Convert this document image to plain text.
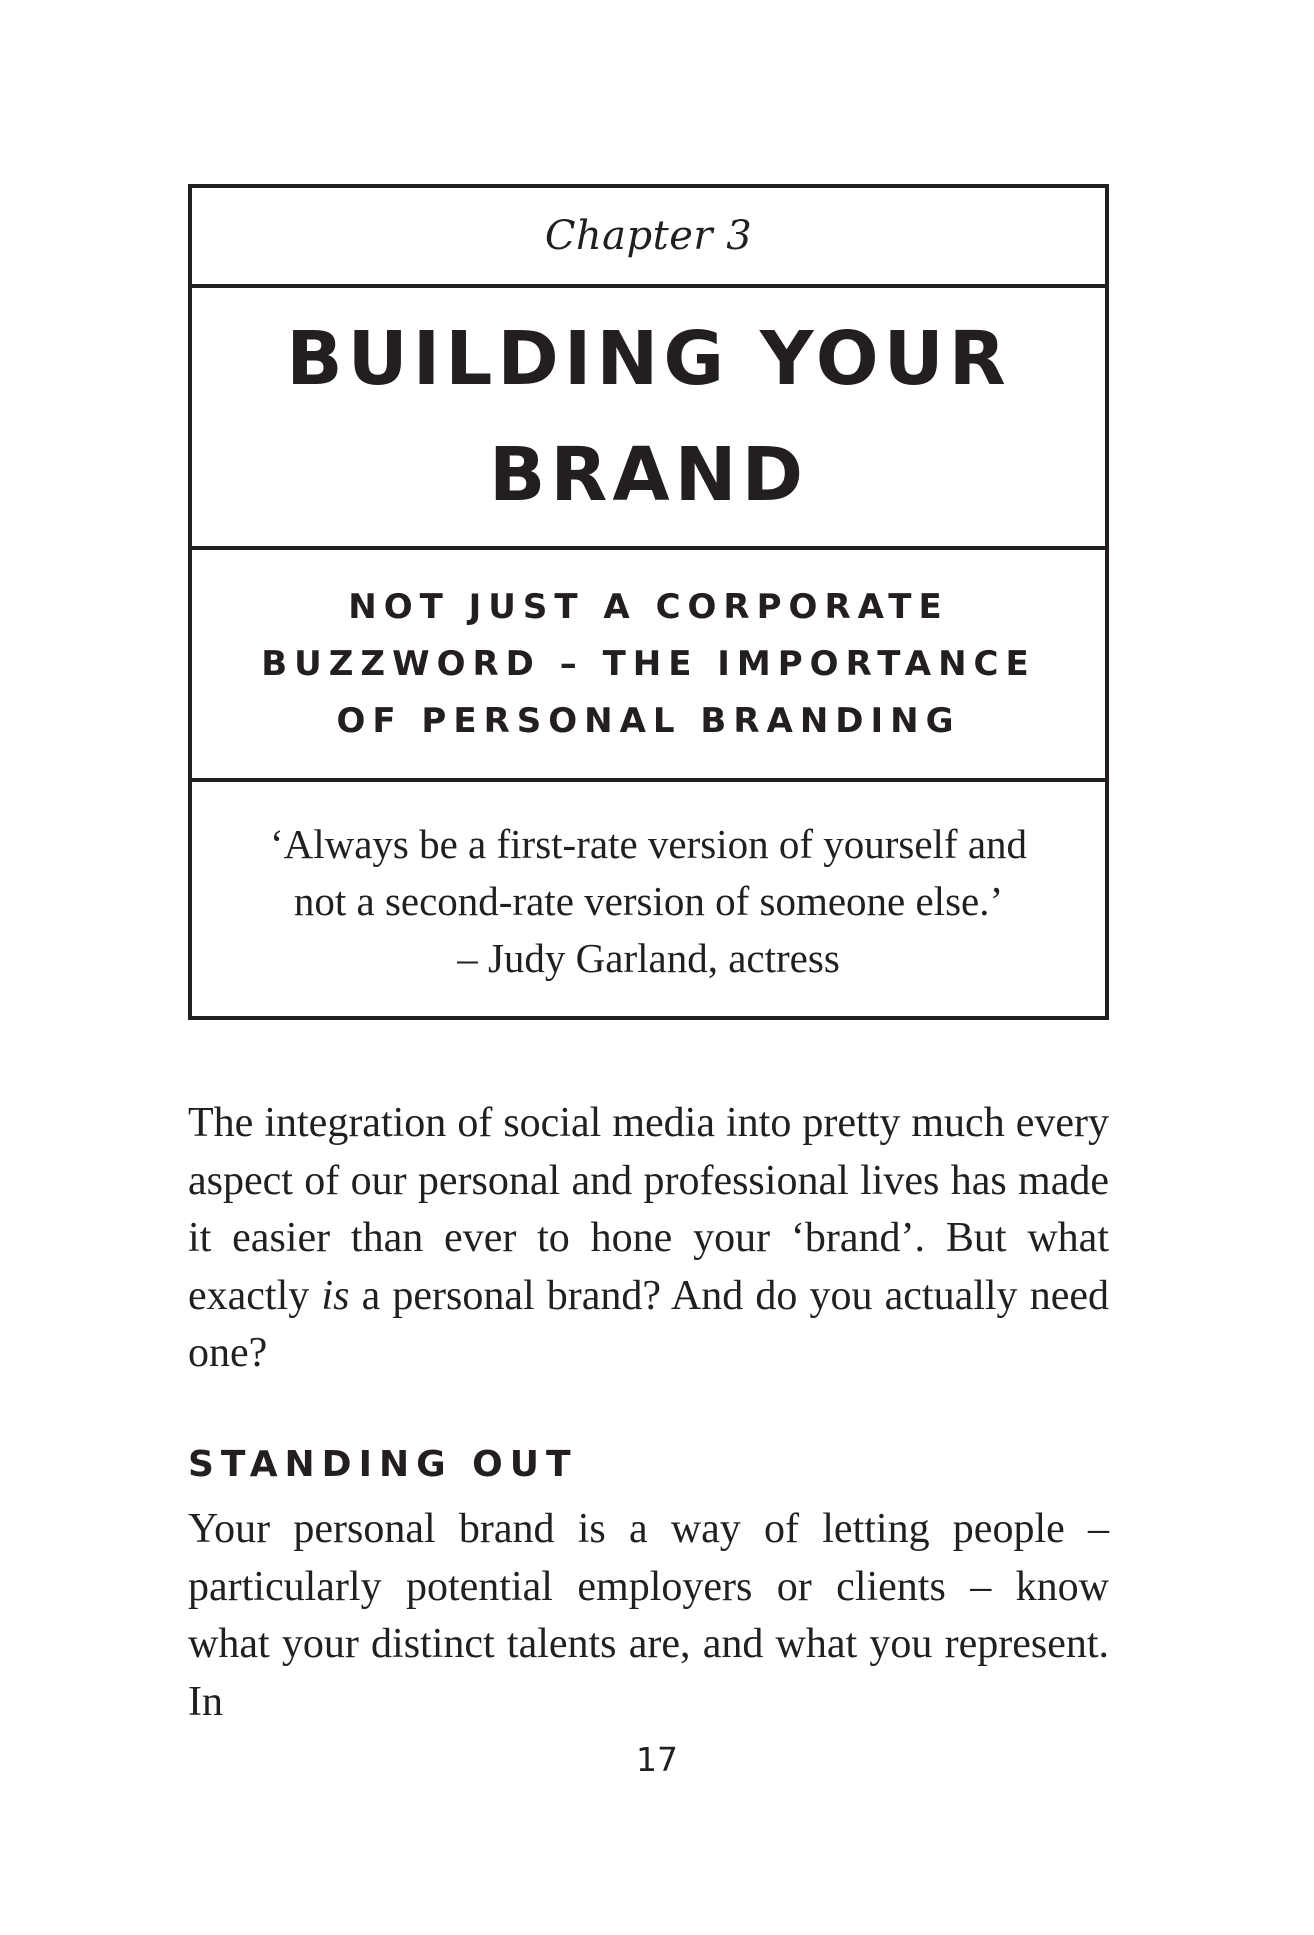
Chapter 3
BUILDING YOUR
BRAND
NOT JUST A CORPORATE
BUZZWORD – THE IMPORTANCE
OF PERSONAL BRANDING
‘Always be a first-rate version of yourself and
not a second-rate version of someone else.’
– Judy Garland, actress

The integration of social media into pretty much every aspect of our personal and professional lives has made it easier than ever to hone your ‘brand’. But what exactly is a personal brand? And do you actually need one?

STANDING OUT

Your personal brand is a way of letting people – particularly potential employers or clients – know what your distinct talents are, and what you represent. In

17
